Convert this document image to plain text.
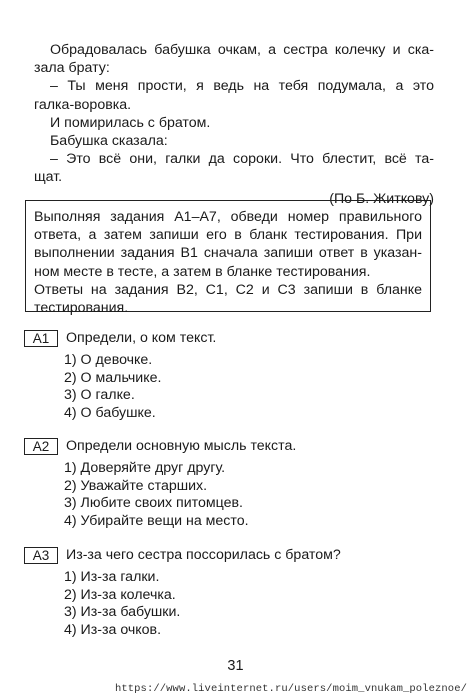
Обрадовалась бабушка очкам, а сестра колечку и ска-
зала брату:
– Ты меня прости, я ведь на тебя подумала, а это
галка-воровка.
И помирилась с братом.
Бабушка сказала:
– Это всё они, галки да сороки. Что блестит, всё та-
щат.
(По Б. Житкову)
Выполняя задания А1–А7, обведи номер правильного
ответа, а затем запиши его в бланк тестирования. При
выполнении задания В1 сначала запиши ответ в указан-
ном месте в тесте, а затем в бланке тестирования.
Ответы на задания В2, С1, С2 и С3 запиши в бланке
тестирования.
А1	Определи, о ком текст.
1) О девочке.
2) О мальчике.
3) О галке.
4) О бабушке.
А2	Определи основную мысль текста.
1) Доверяйте друг другу.
2) Уважайте старших.
3) Любите своих питомцев.
4) Убирайте вещи на место.
А3	Из-за чего сестра поссорилась с братом?
1) Из-за галки.
2) Из-за колечка.
3) Из-за бабушки.
4) Из-за очков.
31
https://www.liveinternet.ru/users/moim_vnukam_poleznoe/
